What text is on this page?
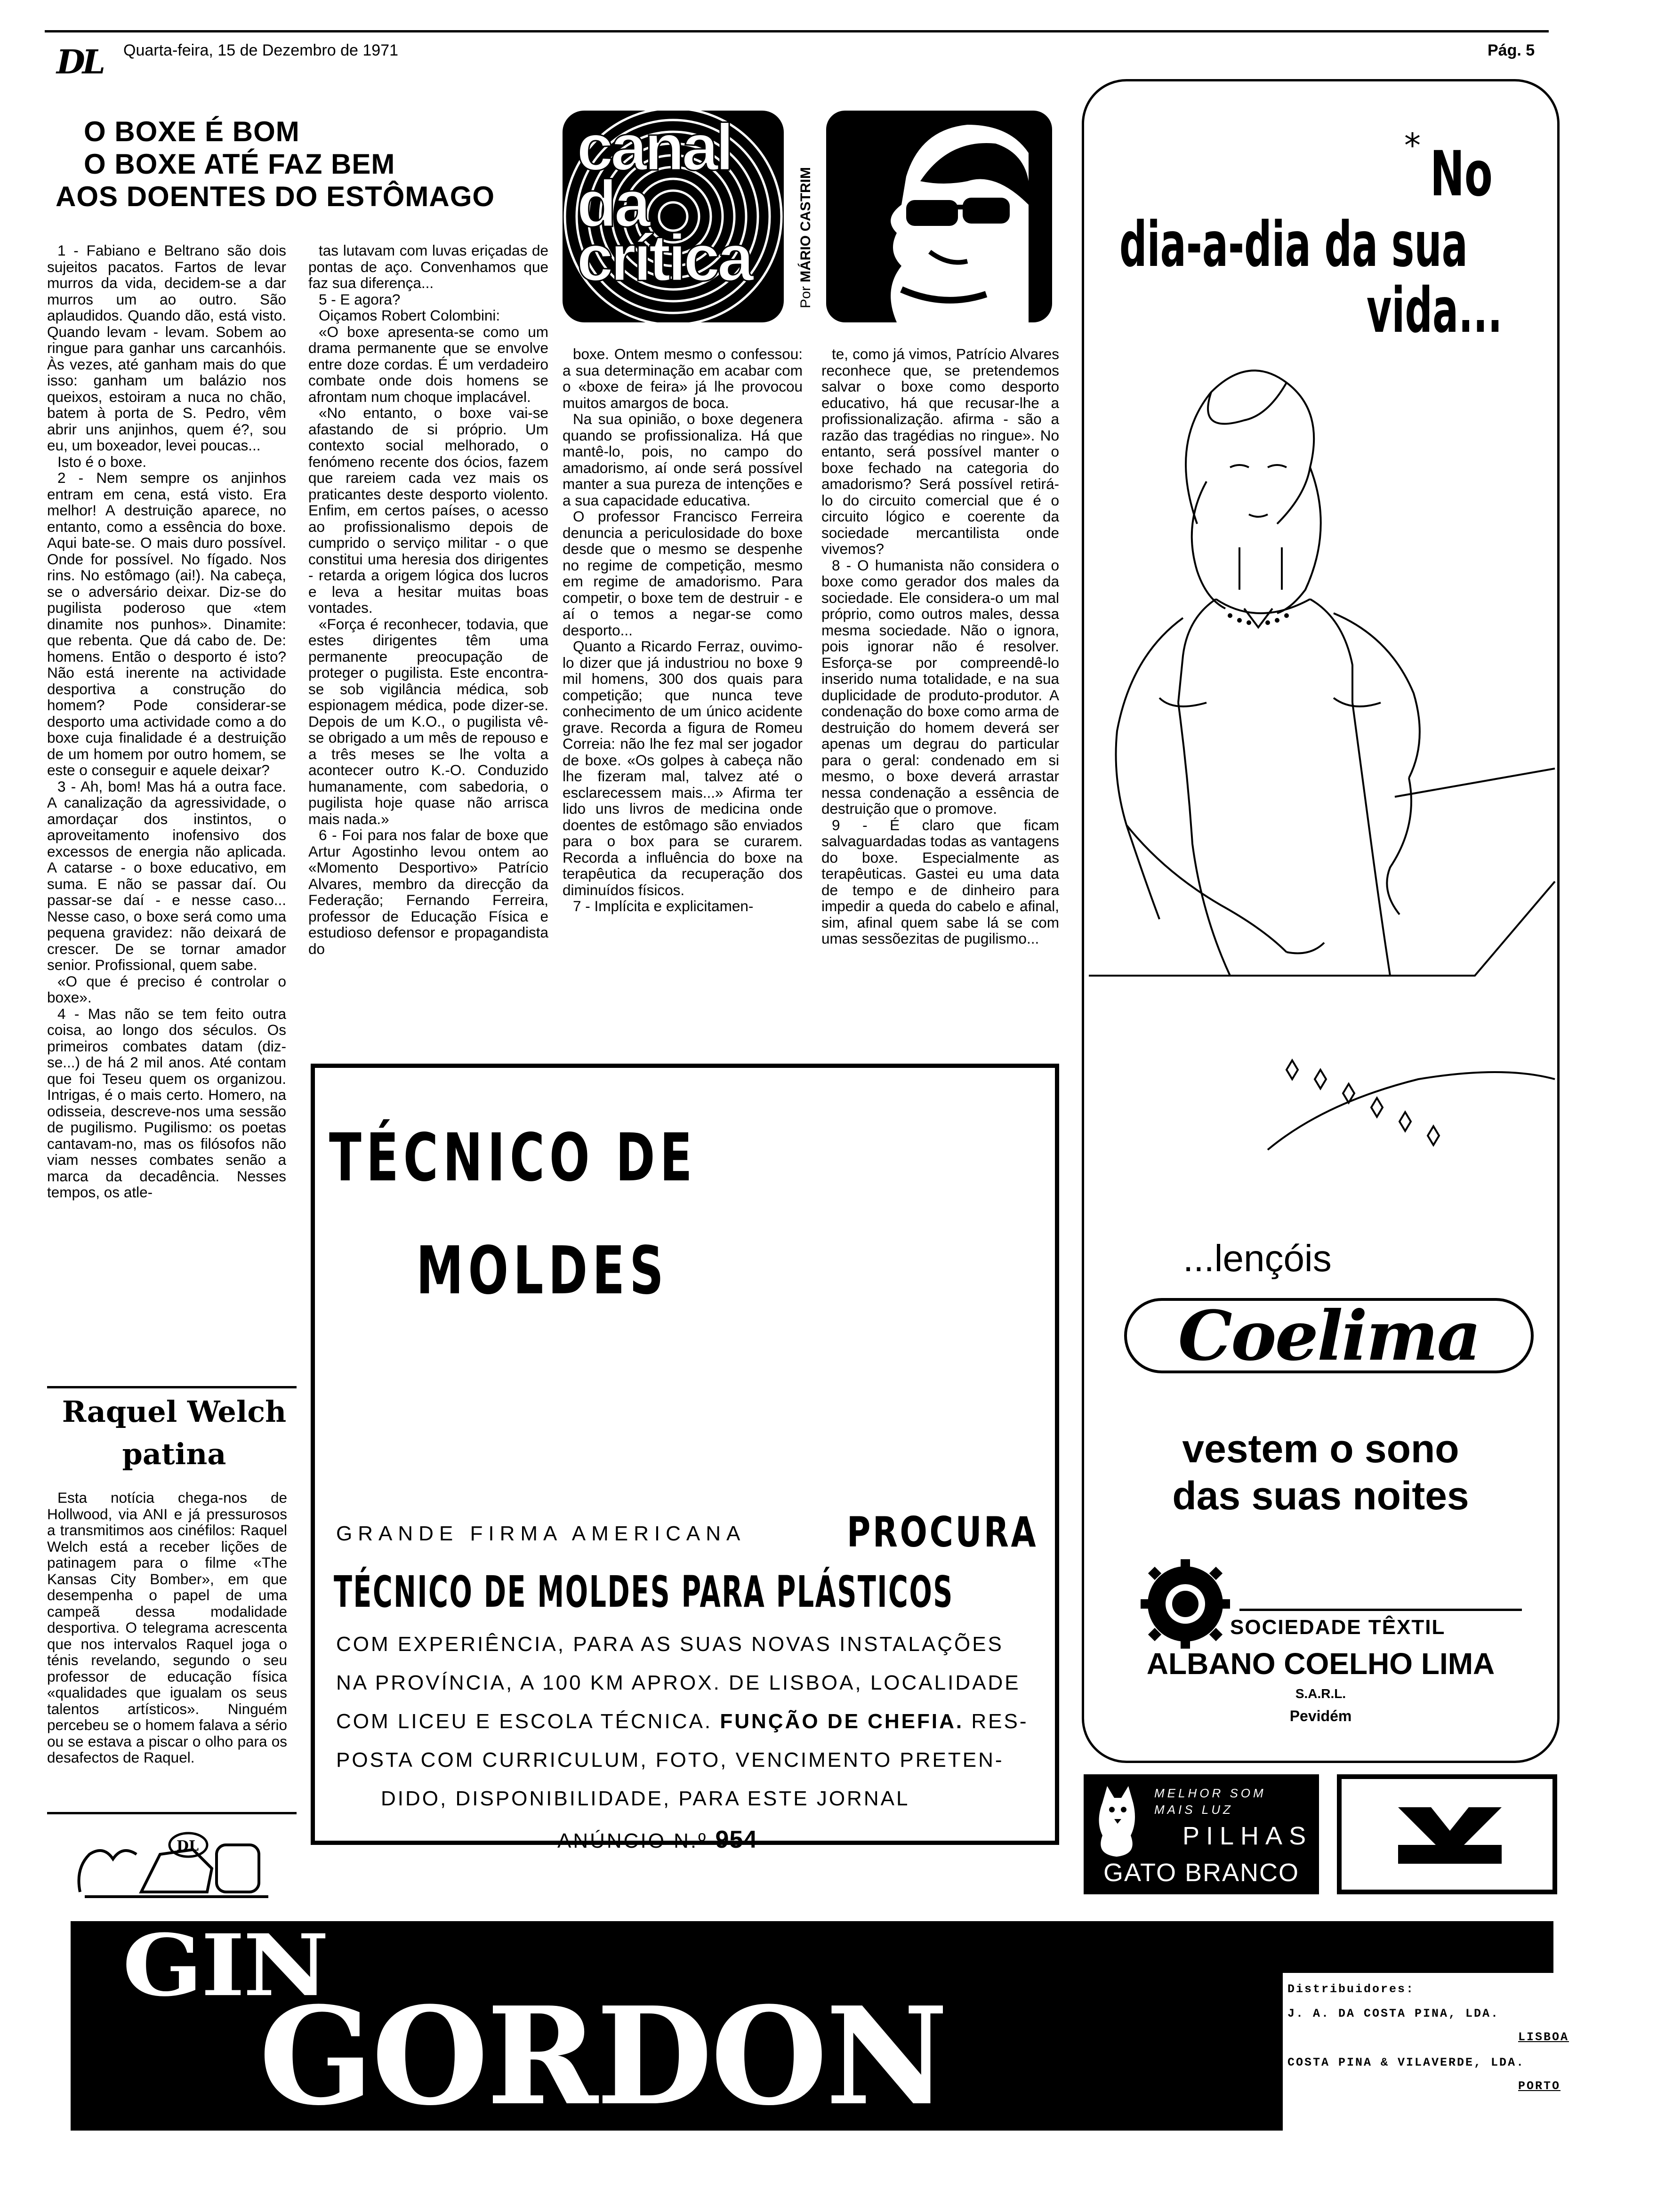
DL Quarta-feira, 15 de Dezembro de 1971	Pág. 5
O BOXE É BOM
O BOXE ATÉ FAZ BEM
AOS DOENTES DO ESTÔMAGO
canal
da
crítica
Por MÁRIO CASTRIM

1 - Fabiano e Beltrano são dois sujeitos pacatos. Fartos de levar murros da vida, decidem-se a dar murros um ao outro. São aplaudidos. Quando dão, está visto. Quando levam - levam. Sobem ao ringue para ganhar uns carcanhóis. Às vezes, até ganham mais do que isso: ganham um balázio nos queixos, estoiram a nuca no chão, batem à porta de S. Pedro, vêm abrir uns anjinhos, quem é?, sou eu, um boxeador, levei poucas...

Isto é o boxe.

2 - Nem sempre os anjinhos entram em cena, está visto. Era melhor! A destruição aparece, no entanto, como a essência do boxe. Aqui bate-se. O mais duro possível. Onde for possível. No fígado. Nos rins. No estômago (ai!). Na cabeça, se o adversário deixar. Diz-se do pugilista poderoso que «tem dinamite nos punhos». Dinamite: que rebenta. Que dá cabo de. De: homens. Então o desporto é isto? Não está inerente na actividade desportiva a construção do homem? Pode considerar-se desporto uma actividade como a do boxe cuja finalidade é a destruição de um homem por outro homem, se este o conseguir e aquele deixar?

3 - Ah, bom! Mas há a outra face. A canalização da agressividade, o amordaçar dos instintos, o aproveitamento inofensivo dos excessos de energia não aplicada. A catarse - o boxe educativo, em suma. E não se passar daí. Ou passar-se daí - e nesse caso... Nesse caso, o boxe será como uma pequena gravidez: não deixará de crescer. De se tornar amador senior. Profissional, quem sabe.

«O que é preciso é controlar o boxe».

4 - Mas não se tem feito outra coisa, ao longo dos séculos. Os primeiros combates datam (diz-se...) de há 2 mil anos. Até contam que foi Teseu quem os organizou. Intrigas, é o mais certo. Homero, na odisseia, descreve-nos uma sessão de pugilismo. Pugilismo: os poetas cantavam-no, mas os filósofos não viam nesses combates senão a marca da decadência. Nesses tempos, os atle-

tas lutavam com luvas eriçadas de pontas de aço. Convenhamos que faz sua diferença...

5 - E agora?

Oiçamos Robert Colombini:

«O boxe apresenta-se como um drama permanente que se envolve entre doze cordas. É um verdadeiro combate onde dois homens se afrontam num choque implacável.

«No entanto, o boxe vai-se afastando de si próprio. Um contexto social melhorado, o fenómeno recente dos ócios, fazem que rareiem cada vez mais os praticantes deste desporto violento. Enfim, em certos países, o acesso ao profissionalismo depois de cumprido o serviço militar - o que constitui uma heresia dos dirigentes - retarda a origem lógica dos lucros e leva a hesitar muitas boas vontades.

«Força é reconhecer, todavia, que estes dirigentes têm uma permanente preocupação de proteger o pugilista. Este encontra-se sob vigilância médica, sob espionagem médica, pode dizer-se. Depois de um K.O., o pugilista vê-se obrigado a um mês de repouso e a três meses se lhe volta a acontecer outro K.-O. Conduzido humanamente, com sabedoria, o pugilista hoje quase não arrisca mais nada.»

6 - Foi para nos falar de boxe que Artur Agostinho levou ontem ao «Momento Desportivo» Patrício Alvares, membro da direcção da Federação; Fernando Ferreira, professor de Educação Física e estudioso defensor e propagandista do

boxe. Ontem mesmo o confessou: a sua determinação em acabar com o «boxe de feira» já lhe provocou muitos amargos de boca.

Na sua opinião, o boxe degenera quando se profissionaliza. Há que mantê-lo, pois, no campo do amadorismo, aí onde será possível manter a sua pureza de intenções e a sua capacidade educativa.

O professor Francisco Ferreira denuncia a periculosidade do boxe desde que o mesmo se despenhe no regime de competição, mesmo em regime de amadorismo. Para competir, o boxe tem de destruir - e aí o temos a negar-se como desporto...

Quanto a Ricardo Ferraz, ouvimo-lo dizer que já industriou no boxe 9 mil homens, 300 dos quais para competição; que nunca teve conhecimento de um único acidente grave. Recorda a figura de Romeu Correia: não lhe fez mal ser jogador de boxe. «Os golpes à cabeça não lhe fizeram mal, talvez até o esclarecessem mais...» Afirma ter lido uns livros de medicina onde doentes de estômago são enviados para o box para se curarem. Recorda a influência do boxe na terapêutica da recuperação dos diminuídos físicos.

7 - Implícita e explicitamen-

te, como já vimos, Patrício Alvares reconhece que, se pretendemos salvar o boxe como desporto educativo, há que recusar-lhe a profissionalização. afirma - são a razão das tragédias no ringue». No entanto, será possível manter o boxe fechado na categoria do amadorismo? Será possível retirá-lo do circuito comercial que é o circuito lógico e coerente da sociedade mercantilista onde vivemos?

8 - O humanista não considera o boxe como gerador dos males da sociedade. Ele considera-o um mal próprio, como outros males, dessa mesma sociedade. Não o ignora, pois ignorar não é resolver. Esforça-se por compreendê-lo inserido numa totalidade, e na sua duplicidade de produto-produtor. A condenação do boxe como arma de destruição do homem deverá ser apenas um degrau do particular para o geral: condenado em si mesmo, o boxe deverá arrastar nessa condenação a essência de destruição que o promove.

9 - É claro que ficam salvaguardadas todas as vantagens do boxe. Especialmente as terapêuticas. Gastei eu uma data de tempo e de dinheiro para impedir a queda do cabelo e afinal, sim, afinal quem sabe lá se com umas sessõezitas de pugilismo...

Raquel Welch
patina

Esta notícia chega-nos de Hollwood, via ANI e já pressurosos a transmitimos aos cinéfilos: Raquel Welch está a receber lições de patinagem para o filme «The Kansas City Bomber», em que desempenha o papel de uma campeã dessa modalidade desportiva. O telegrama acrescenta que nos intervalos Raquel joga o ténis revelando, segundo o seu professor de educação física «qualidades que igualam os seus talentos artísticos». Ninguém percebeu se o homem falava a sério ou se estava a piscar o olho para os desafectos de Raquel.

DL
TÉCNICO DE
MOLDES
GRANDE FIRMA AMERICANA PROCURA
TÉCNICO DE MOLDES PARA PLÁSTICOS
COM EXPERIÊNCIA, PARA AS SUAS NOVAS INSTALAÇÕES
NA PROVÍNCIA, A 100 KM APROX. DE LISBOA, LOCALIDADE
COM LICEU E ESCOLA TÉCNICA. FUNÇÃO DE CHEFIA. RES-
POSTA COM CURRICULUM, FOTO, VENCIMENTO PRETEN-
DIDO, DISPONIBILIDADE, PARA ESTE JORNAL
ANÚNCIO N.º 954
* No
dia-a-dia da sua
vida...
...lençóis
Coelima
vestem o sono
das suas noites
SOCIEDADE TÊXTIL
ALBANO COELHO LIMA
S.A.R.L.
Pevidém
MELHOR SOM
MAIS LUZ
PILHAS
GATO BRANCO
GIN
GORDON	Distribuidores:
J. A. DA COSTA PINA, LDA.
LISBOA
COSTA PINA & VILAVERDE, LDA.
PORTO
